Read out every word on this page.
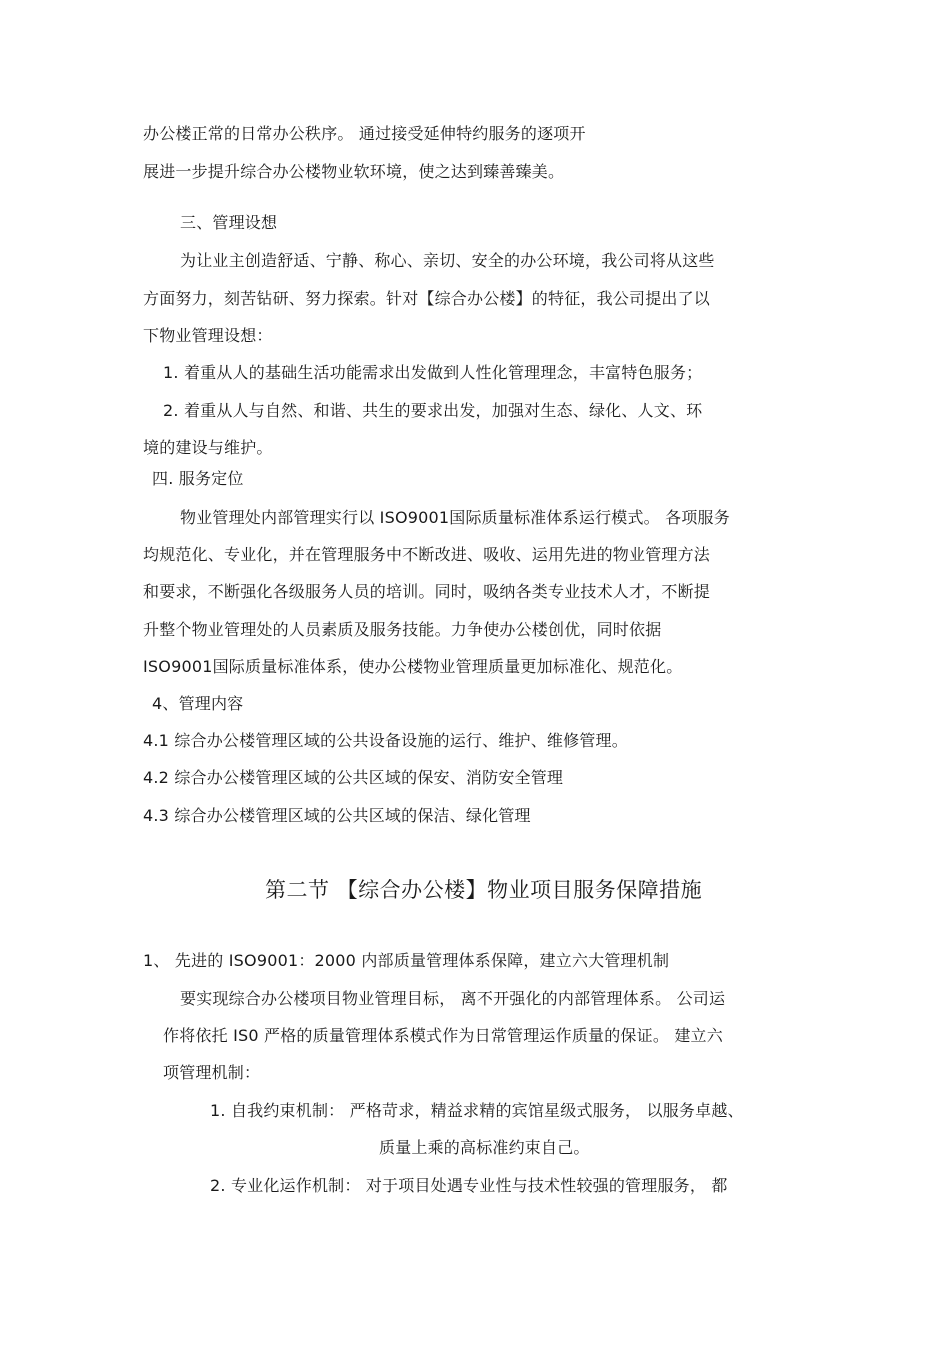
办公楼正常的日常办公秩序。 通过接受延伸特约服务的逐项开
展进一步提升综合办公楼物业软环境，使之达到臻善臻美。
三、管理设想
为让业主创造舒适、宁静、称心、亲切、安全的办公环境，我公司将从这些
方面努力，刻苦钻研、努力探索。针对【综合办公楼】的特征，我公司提出了以
下物业管理设想：
1. 着重从人的基础生活功能需求出发做到人性化管理理念，丰富特色服务；
2. 着重从人与自然、和谐、共生的要求出发，加强对生态、绿化、人文、环
境的建设与维护。
四. 服务定位
物业管理处内部管理实行以 ISO9001国际质量标准体系运行模式。 各项服务
均规范化、专业化，并在管理服务中不断改进、吸收、运用先进的物业管理方法
和要求，不断强化各级服务人员的培训。同时，吸纳各类专业技术人才，不断提
升整个物业管理处的人员素质及服务技能。力争使办公楼创优，同时依据
ISO9001国际质量标准体系，使办公楼物业管理质量更加标准化、规范化。
4、管理内容
4.1 综合办公楼管理区域的公共设备设施的运行、维护、维修管理。
4.2 综合办公楼管理区域的公共区域的保安、消防安全管理
4.3 综合办公楼管理区域的公共区域的保洁、绿化管理
第二节 【综合办公楼】物业项目服务保障措施
1、 先进的 ISO9001：2000 内部质量管理体系保障，建立六大管理机制
要实现综合办公楼项目物业管理目标， 离不开强化的内部管理体系。 公司运
作将依托 IS0 严格的质量管理体系模式作为日常管理运作质量的保证。 建立六
项管理机制：
1. 自我约束机制： 严格苛求，精益求精的宾馆星级式服务， 以服务卓越、
质量上乘的高标准约束自己。
2. 专业化运作机制： 对于项目处遇专业性与技术性较强的管理服务， 都
